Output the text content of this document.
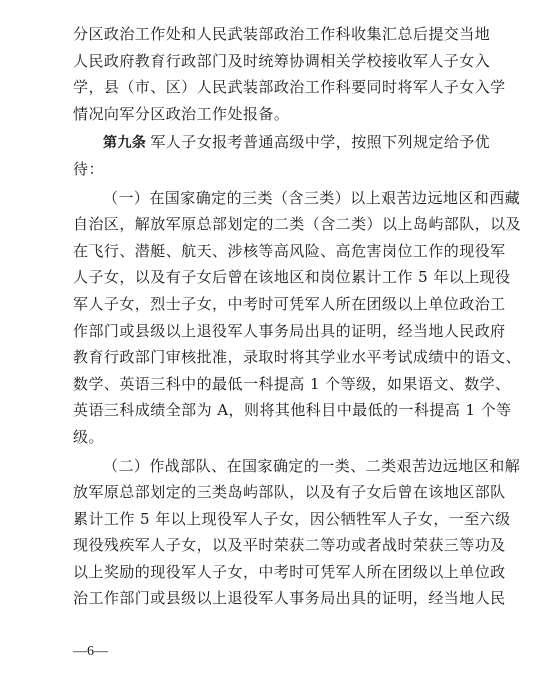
分区政治工作处和人民武装部政治工作科收集汇总后提交当地
人民政府教育行政部门及时统筹协调相关学校接收军人子女入
学，县（市、区）人民武装部政治工作科要同时将军人子女入学
情况向军分区政治工作处报备。
第九条 军人子女报考普通高级中学，按照下列规定给予优
待：
（一）在国家确定的三类（含三类）以上艰苦边远地区和西藏
自治区，解放军原总部划定的二类（含二类）以上岛屿部队，以及
在飞行、潜艇、航天、涉核等高风险、高危害岗位工作的现役军
人子女，以及有子女后曾在该地区和岗位累计工作 5 年以上现役
军人子女，烈士子女，中考时可凭军人所在团级以上单位政治工
作部门或县级以上退役军人事务局出具的证明，经当地人民政府
教育行政部门审核批准，录取时将其学业水平考试成绩中的语文、
数学、英语三科中的最低一科提高 1 个等级，如果语文、数学、
英语三科成绩全部为 A，则将其他科目中最低的一科提高 1 个等
级。
（二）作战部队、在国家确定的一类、二类艰苦边远地区和解
放军原总部划定的三类岛屿部队，以及有子女后曾在该地区部队
累计工作 5 年以上现役军人子女，因公牺牲军人子女，一至六级
现役残疾军人子女，以及平时荣获二等功或者战时荣获三等功及
以上奖励的现役军人子女，中考时可凭军人所在团级以上单位政
治工作部门或县级以上退役军人事务局出具的证明，经当地人民
—6—
